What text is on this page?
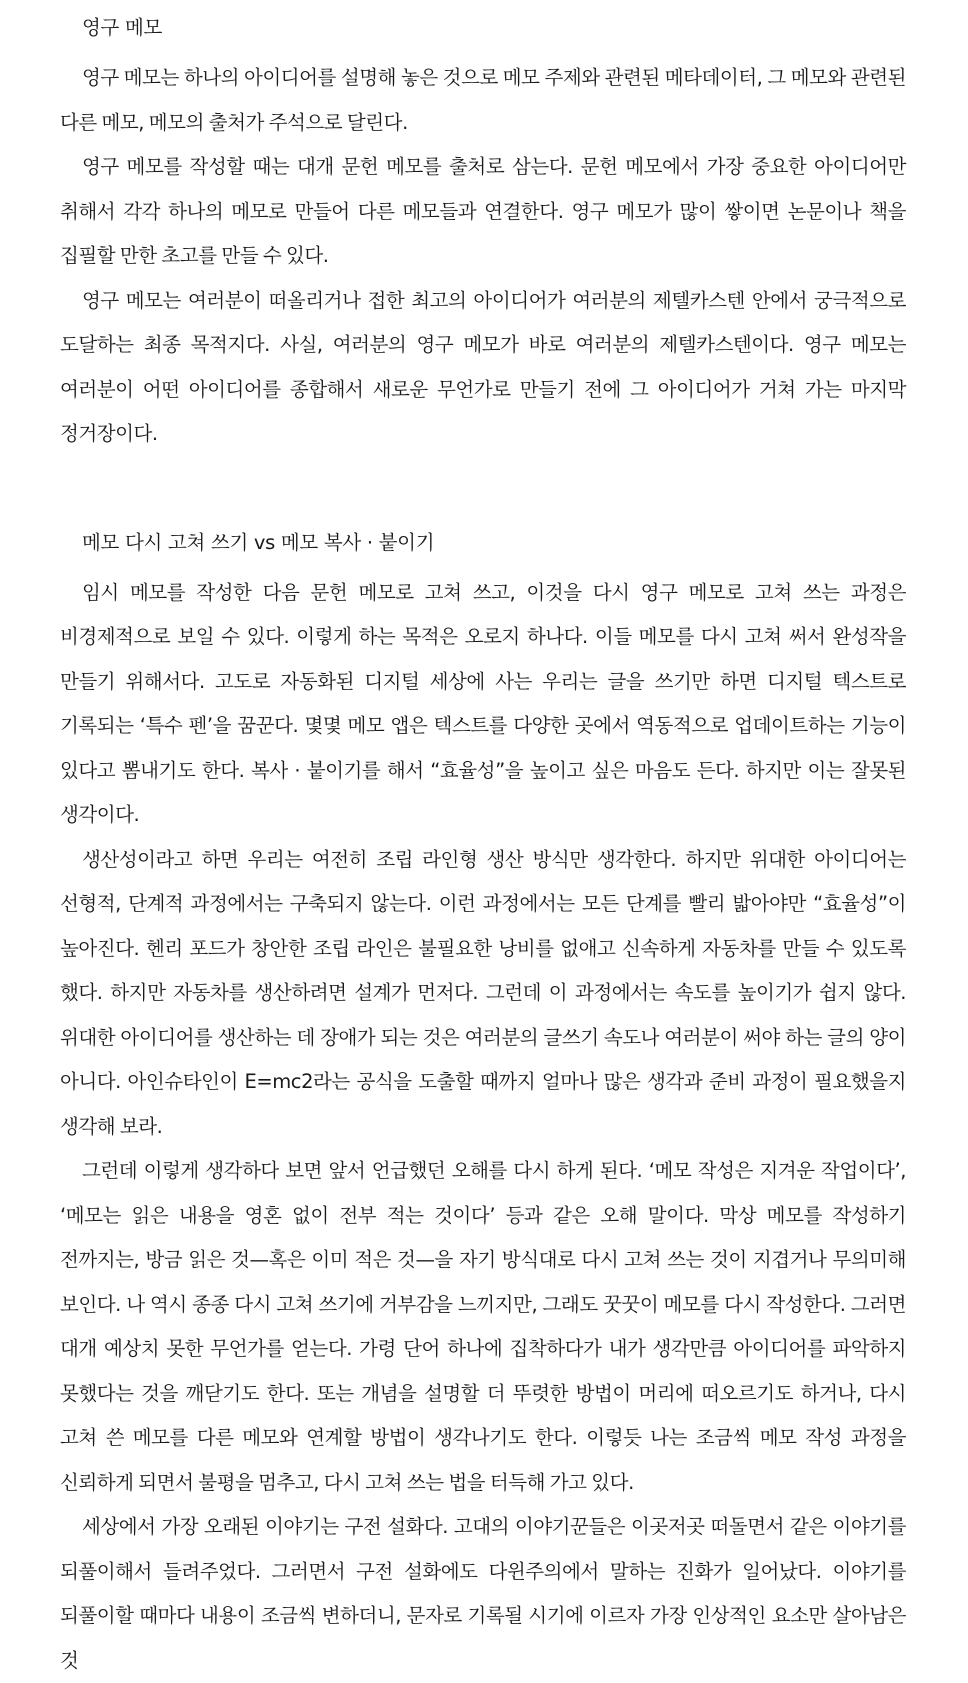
영구 메모

영구 메모는 하나의 아이디어를 설명해 놓은 것으로 메모 주제와 관련된 메타데이터, 그 메모와 관련된 다른 메모, 메모의 출처가 주석으로 달린다.

영구 메모를 작성할 때는 대개 문헌 메모를 출처로 삼는다. 문헌 메모에서 가장 중요한 아이디어만 취해서 각각 하나의 메모로 만들어 다른 메모들과 연결한다. 영구 메모가 많이 쌓이면 논문이나 책을 집필할 만한 초고를 만들 수 있다.

영구 메모는 여러분이 떠올리거나 접한 최고의 아이디어가 여러분의 제텔카스텐 안에서 궁극적으로 도달하는 최종 목적지다. 사실, 여러분의 영구 메모가 바로 여러분의 제텔카스텐이다. 영구 메모는 여러분이 어떤 아이디어를 종합해서 새로운 무언가로 만들기 전에 그 아이디어가 거쳐 가는 마지막 정거장이다.

메모 다시 고쳐 쓰기 vs 메모 복사 · 붙이기

임시 메모를 작성한 다음 문헌 메모로 고쳐 쓰고, 이것을 다시 영구 메모로 고쳐 쓰는 과정은 비경제적으로 보일 수 있다. 이렇게 하는 목적은 오로지 하나다. 이들 메모를 다시 고쳐 써서 완성작을 만들기 위해서다. 고도로 자동화된 디지털 세상에 사는 우리는 글을 쓰기만 하면 디지털 텍스트로 기록되는 ‘특수 펜’을 꿈꾼다. 몇몇 메모 앱은 텍스트를 다양한 곳에서 역동적으로 업데이트하는 기능이 있다고 뽐내기도 한다. 복사 · 붙이기를 해서 “효율성”을 높이고 싶은 마음도 든다. 하지만 이는 잘못된 생각이다.

생산성이라고 하면 우리는 여전히 조립 라인형 생산 방식만 생각한다. 하지만 위대한 아이디어는 선형적, 단계적 과정에서는 구축되지 않는다. 이런 과정에서는 모든 단계를 빨리 밟아야만 “효율성”이 높아진다. 헨리 포드가 창안한 조립 라인은 불필요한 낭비를 없애고 신속하게 자동차를 만들 수 있도록 했다. 하지만 자동차를 생산하려면 설계가 먼저다. 그런데 이 과정에서는 속도를 높이기가 쉽지 않다. 위대한 아이디어를 생산하는 데 장애가 되는 것은 여러분의 글쓰기 속도나 여러분이 써야 하는 글의 양이 아니다. 아인슈타인이 E=mc2라는 공식을 도출할 때까지 얼마나 많은 생각과 준비 과정이 필요했을지 생각해 보라.

그런데 이렇게 생각하다 보면 앞서 언급했던 오해를 다시 하게 된다. ‘메모 작성은 지겨운 작업이다’, ‘메모는 읽은 내용을 영혼 없이 전부 적는 것이다’ 등과 같은 오해 말이다. 막상 메모를 작성하기 전까지는, 방금 읽은 것—혹은 이미 적은 것—을 자기 방식대로 다시 고쳐 쓰는 것이 지겹거나 무의미해 보인다. 나 역시 종종 다시 고쳐 쓰기에 거부감을 느끼지만, 그래도 꿋꿋이 메모를 다시 작성한다. 그러면 대개 예상치 못한 무언가를 얻는다. 가령 단어 하나에 집착하다가 내가 생각만큼 아이디어를 파악하지 못했다는 것을 깨닫기도 한다. 또는 개념을 설명할 더 뚜렷한 방법이 머리에 떠오르기도 하거나, 다시 고쳐 쓴 메모를 다른 메모와 연계할 방법이 생각나기도 한다. 이렇듯 나는 조금씩 메모 작성 과정을 신뢰하게 되면서 불평을 멈추고, 다시 고쳐 쓰는 법을 터득해 가고 있다.

세상에서 가장 오래된 이야기는 구전 설화다. 고대의 이야기꾼들은 이곳저곳 떠돌면서 같은 이야기를 되풀이해서 들려주었다. 그러면서 구전 설화에도 다윈주의에서 말하는 진화가 일어났다. 이야기를 되풀이할 때마다 내용이 조금씩 변하더니, 문자로 기록될 시기에 이르자 가장 인상적인 요소만 살아남은 것
